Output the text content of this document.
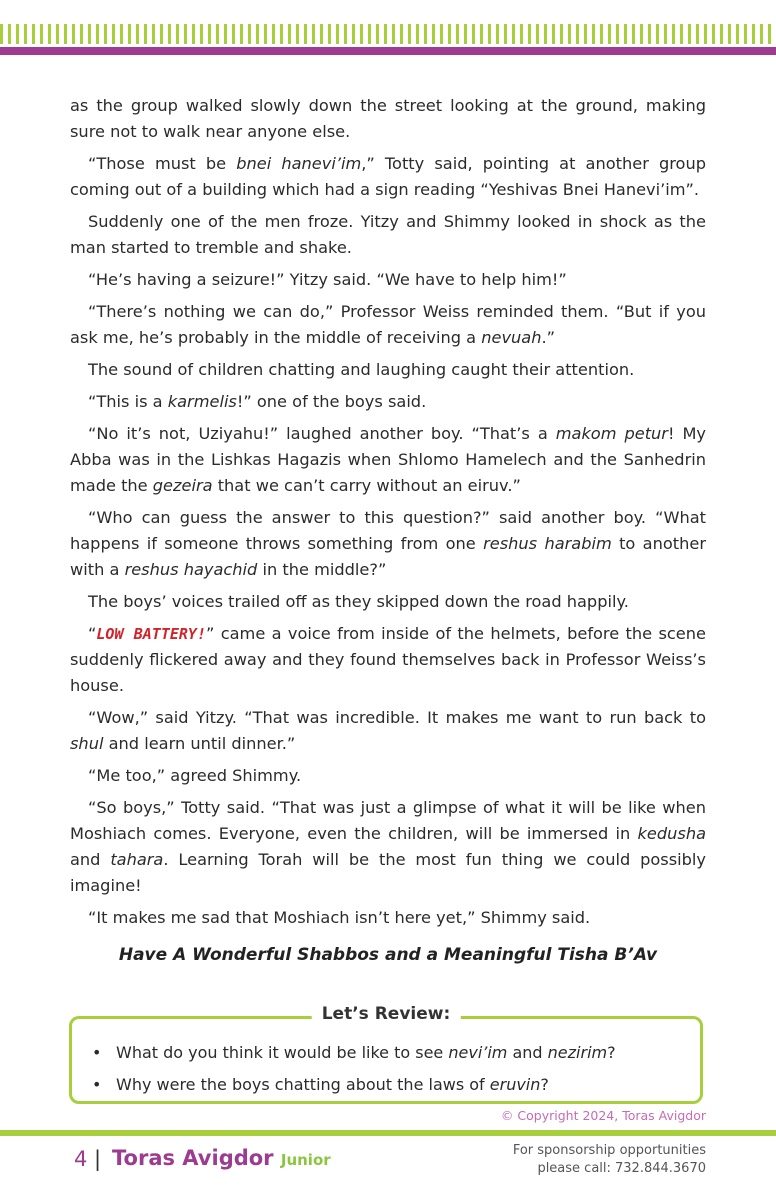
as the group walked slowly down the street looking at the ground, making sure not to walk near anyone else.

“Those must be bnei hanevi’im,” Totty said, pointing at another group coming out of a building which had a sign reading “Yeshivas Bnei Hanevi’im”.

Suddenly one of the men froze. Yitzy and Shimmy looked in shock as the man started to tremble and shake.

“He’s having a seizure!” Yitzy said. “We have to help him!”

“There’s nothing we can do,” Professor Weiss reminded them. “But if you ask me, he’s probably in the middle of receiving a nevuah.”

The sound of children chatting and laughing caught their attention.

“This is a karmelis!” one of the boys said.

“No it’s not, Uziyahu!” laughed another boy. “That’s a makom petur! My Abba was in the Lishkas Hagazis when Shlomo Hamelech and the Sanhedrin made the gezeira that we can’t carry without an eiruv.”

“Who can guess the answer to this question?” said another boy. “What happens if someone throws something from one reshus harabim to another with a reshus hayachid in the middle?”

The boys’ voices trailed off as they skipped down the road happily.

“LOW BATTERY!” came a voice from inside of the helmets, before the scene suddenly flickered away and they found themselves back in Professor Weiss’s house.

“Wow,” said Yitzy. “That was incredible. It makes me want to run back to shul and learn until dinner.”

“Me too,” agreed Shimmy.

“So boys,” Totty said. “That was just a glimpse of what it will be like when Moshiach comes. Everyone, even the children, will be immersed in kedusha and tahara. Learning Torah will be the most fun thing we could possibly imagine!

“It makes me sad that Moshiach isn’t here yet,” Shimmy said.

Have A Wonderful Shabbos and a Meaningful Tisha B’Av
Let’s Review:
• What do you think it would be like to see nevi’im and nezirim?
• Why were the boys chatting about the laws of eruvin?
© Copyright 2024, Toras Avigdor
4 | Toras Avigdor Junior
For sponsorship opportunities
please call: 732.844.3670
